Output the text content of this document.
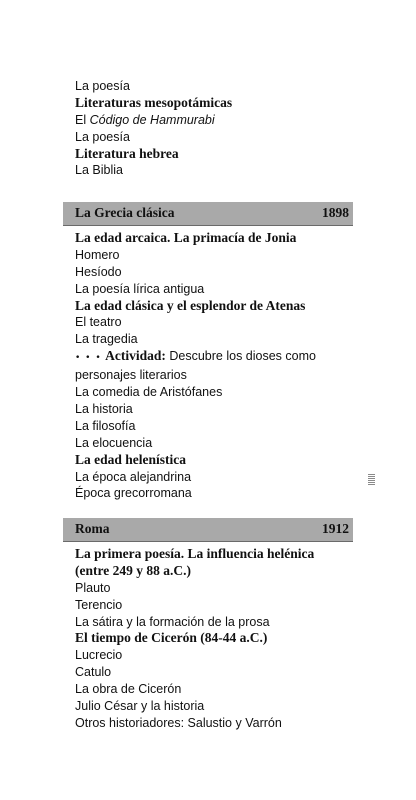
La poesía
Literaturas mesopotámicas
El Código de Hammurabi
La poesía
Literatura hebrea
La Biblia
La Grecia clásica	1898
La edad arcaica. La primacía de Jonia
Homero
Hesíodo
La poesía lírica antigua
La edad clásica y el esplendor de Atenas
El teatro
La tragedia
• • • Actividad: Descubre los dioses como personajes literarios
La comedia de Aristófanes
La historia
La filosofía
La elocuencia
La edad helenística
La época alejandrina
Época grecorromana
Roma	1912
La primera poesía. La influencia helénica (entre 249 y 88 a.C.)
Plauto
Terencio
La sátira y la formación de la prosa
El tiempo de Cicerón (84-44 a.C.)
Lucrecio
Catulo
La obra de Cicerón
Julio César y la historia
Otros historiadores: Salustio y Varrón
